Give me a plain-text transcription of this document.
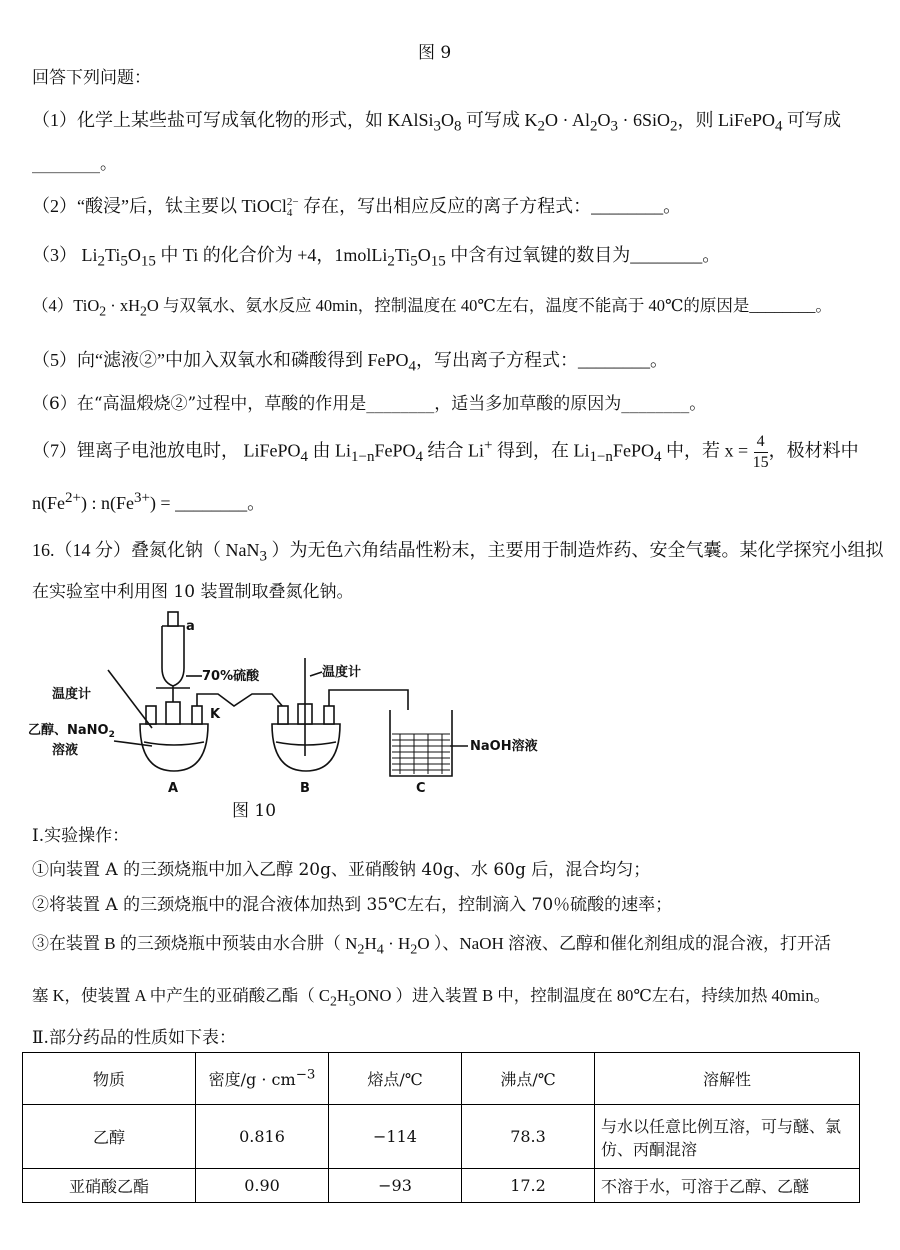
图 9
回答下列问题：
（1）化学上某些盐可写成氧化物的形式，如 $KAlSi_3O_8$ 可写成 $K_2O \cdot Al_2O_3 \cdot 6SiO_2$，则 LiFePO$_4$ 可写成
________。
（2）“酸浸”后，钛主要以 TiOCl 2−
4 存在，写出相应反应的离子方程式：________。
（3） $Li_2Ti_5O_{15}$ 中 Ti 的化合价为 +4，$1molLi_2Ti_5O_{15}$ 中含有过氧键的数目为________。
$(4)TiO_2 \cdot xH_2O$ 与双氧水、氨水反应 40min，控制温度在 40℃左右，温度不能高于 40℃的原因是________。
（5）向“滤液②”中加入双氧水和磷酸得到 FePO$_4$，写出离子方程式：________。
（6）在“高温煅烧②”过程中，草酸的作用是________，适当多加草酸的原因为________。
（7）锂离子电池放电时， LiFePO$_4$ 由 $Li_{1-n}FePO_4$ 结合 Li+ 得到，在 $Li_{1-n}FePO_4$ 中，若 $x = \frac{4}{15}$ ，极材料中
$n(Fe^{2+})$ : $n(Fe^{3+})$ = ________。
16.（14 分）叠氮化钠（ NaN$_3$ ）为无色六角结晶性粉末，主要用于制造炸药、安全气囊。某化学探究小组拟
在实验室中利用图 10 装置制取叠氮化钠。
a
70%硫酸
温度计
温度计
乙醇、NaNO$_2$
溶液
K
NaOH溶液
A	B	C
图 10
Ⅰ.实验操作：
①向装置 A 的三颈烧瓶中加入乙醇 20g、亚硝酸钠 40g、水 60g 后，混合均匀；
②将装置 A 的三颈烧瓶中的混合液体加热到 35℃左右，控制滴入 70％硫酸的速率；
③在装置 B 的三颈烧瓶中预装由水合肼（ $N_2H_4 \cdot H_2O$ ）、NaOH 溶液、乙醇和催化剂组成的混合液，打开活
塞 K，使装置 A 中产生的亚硝酸乙酯（ $C_2H_5ONO$ ）进入装置 B 中，控制温度在 80℃左右，持续加热 40min。
Ⅱ.部分药品的性质如下表：
物质	密度$/g \cdot cm^{-3}$	熔点/℃	沸点/℃	溶解性
乙醇	0.816	−114	78.3	与水以任意比例互溶，可与醚、氯
仿、丙酮混溶

亚硝酸乙酯	0.90	−93	17.2	不溶于水，可溶于乙醇、乙醚
